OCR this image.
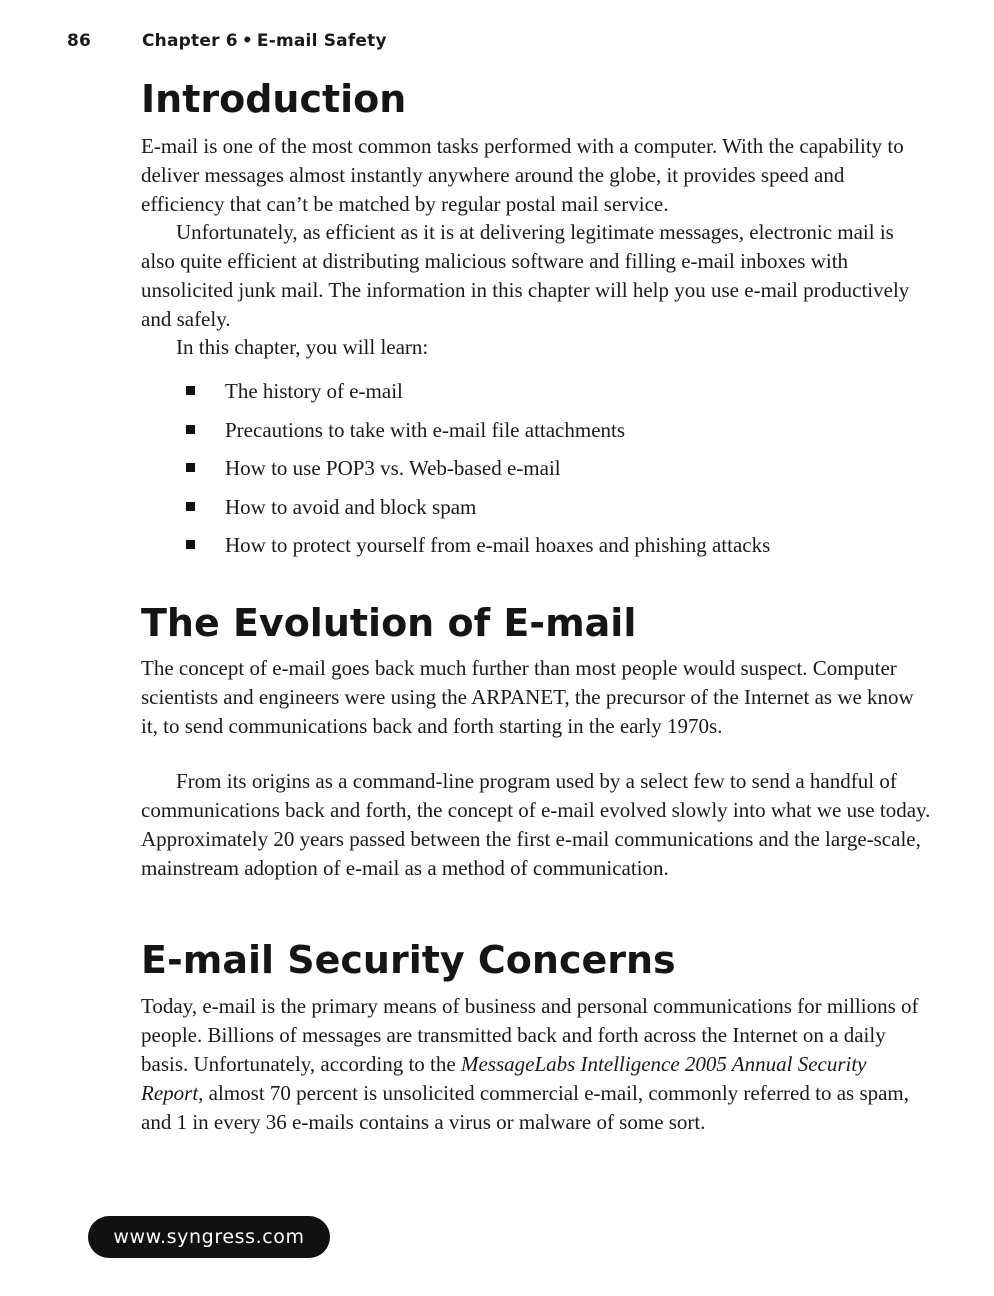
86	Chapter 6 • E-mail Safety
Introduction

E-mail is one of the most common tasks performed with a computer. With the capability to deliver messages almost instantly anywhere around the globe, it provides speed and efficiency that can’t be matched by regular postal mail service.

Unfortunately, as efficient as it is at delivering legitimate messages, electronic mail is also quite efficient at distributing malicious software and filling e-mail inboxes with unsolicited junk mail. The information in this chapter will help you use e-mail productively and safely.

In this chapter, you will learn:

The history of e-mail
Precautions to take with e-mail file attachments
How to use POP3 vs. Web-based e-mail
How to avoid and block spam
How to protect yourself from e-mail hoaxes and phishing attacks
The Evolution of E-mail

The concept of e-mail goes back much further than most people would suspect. Computer scientists and engineers were using the ARPANET, the precursor of the Internet as we know it, to send communications back and forth starting in the early 1970s.

From its origins as a command-line program used by a select few to send a handful of communications back and forth, the concept of e-mail evolved slowly into what we use today. Approximately 20 years passed between the first e-mail communications and the large-scale, mainstream adoption of e-mail as a method of communication.

E-mail Security Concerns

Today, e-mail is the primary means of business and personal communications for millions of people. Billions of messages are transmitted back and forth across the Internet on a daily basis. Unfortunately, according to the MessageLabs Intelligence 2005 Annual Security Report, almost 70 percent is unsolicited commercial e-mail, commonly referred to as spam, and 1 in every 36 e-mails contains a virus or malware of some sort.

www.syngress.com
